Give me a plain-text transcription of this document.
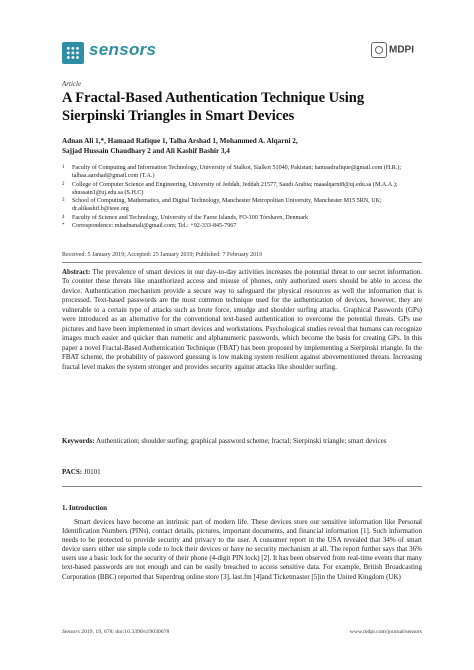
sensors	MDPI
Article
A Fractal-Based Authentication Technique Using Sierpinski Triangles in Smart Devices
Adnan Ali 1,*, Hamaad Rafique 1, Talha Arshad 1, Mohammed A. Alqarni 2,
Sajjad Hussain Chaudhary 2 and Ali Kashif Bashir 3,4
1 Faculty of Computing and Information Technology, University of Sialkot, Sialkot 51040, Pakistan; hamaadrafique@gmail.com (H.R.); talhaa.aarshad@gmail.com (T.A.)
2 College of Computer Science and Engineering, University of Jeddah, Jeddah 21577, Saudi Arabia; maaalqarni8@uj.edu.sa (M.A.A.); shussain1@uj.edu.sa (S.H.C)
3 School of Computing, Mathematics, and Digital Technology, Manchester Metropolitan University, Manchester M15 5RN, UK; dr.alikashif.b@ieee.org
4 Faculty of Science and Technology, University of the Faroe Islands, FO-100 Tórshavn, Denmark
* Correspondence: mhadnanali@gmail.com; Tel.: +92-333-845-7967
Received: 5 January 2019; Accepted: 25 January 2019; Published: 7 February 2019
Abstract: The prevalence of smart devices in our day-to-day activities increases the potential threat to our secret information. To counter these threats like unauthorized access and misuse of phones, only authorized users should be able to access the device. Authentication mechanism provide a secure way to safeguard the physical resources as well the information that is processed. Text-based passwords are the most common technique used for the authentication of devices, however, they are vulnerable to a certain type of attacks such as brute force, smudge and shoulder surfing attacks. Graphical Passwords (GPs) were introduced as an alternative for the conventional text-based authentication to overcome the potential threats. GPs use pictures and have been implemented in smart devices and workstations. Psychological studies reveal that humans can recognize images much easier and quicker than numeric and alphanumeric passwords, which become the basis for creating GPs. In this paper a novel Fractal-Based Authentication Technique (FBAT) has been proposed by implementing a Sierpinski triangle. In the FBAT scheme, the probability of password guessing is low making system resilient against abovementioned threats. Increasing fractal level makes the system stronger and provides security against attacks like shoulder surfing.
Keywords: Authentication; shoulder surfing; graphical password scheme; fractal; Sierpinski triangle; smart devices
PACS: J0101
1. Introduction
Smart devices have become an intrinsic part of modern life. These devices store our sensitive information like Personal Identification Numbers (PINs), contact details, pictures, important documents, and financial information [1]. Such information needs to be protected to provide security and privacy to the user. A consumer report in the USA revealed that 34% of smart device users either use simple code to lock their devices or have no security mechanism at all. The report further says that 36% users use a basic lock for the security of their phone (4-digit PIN lock) [2]. It has been observed from real-time events that many text-based passwords are not enough and can be easily breached to access sensitive data. For example, British Broadcasting Corporation (BBC) reported that Superdrug online store [3], last.fm [4]and Ticketmaster [5]in the United Kingdom (UK)
Sensors 2019, 19, 678; doi:10.3390/s19030678	www.mdpi.com/journal/sensors
